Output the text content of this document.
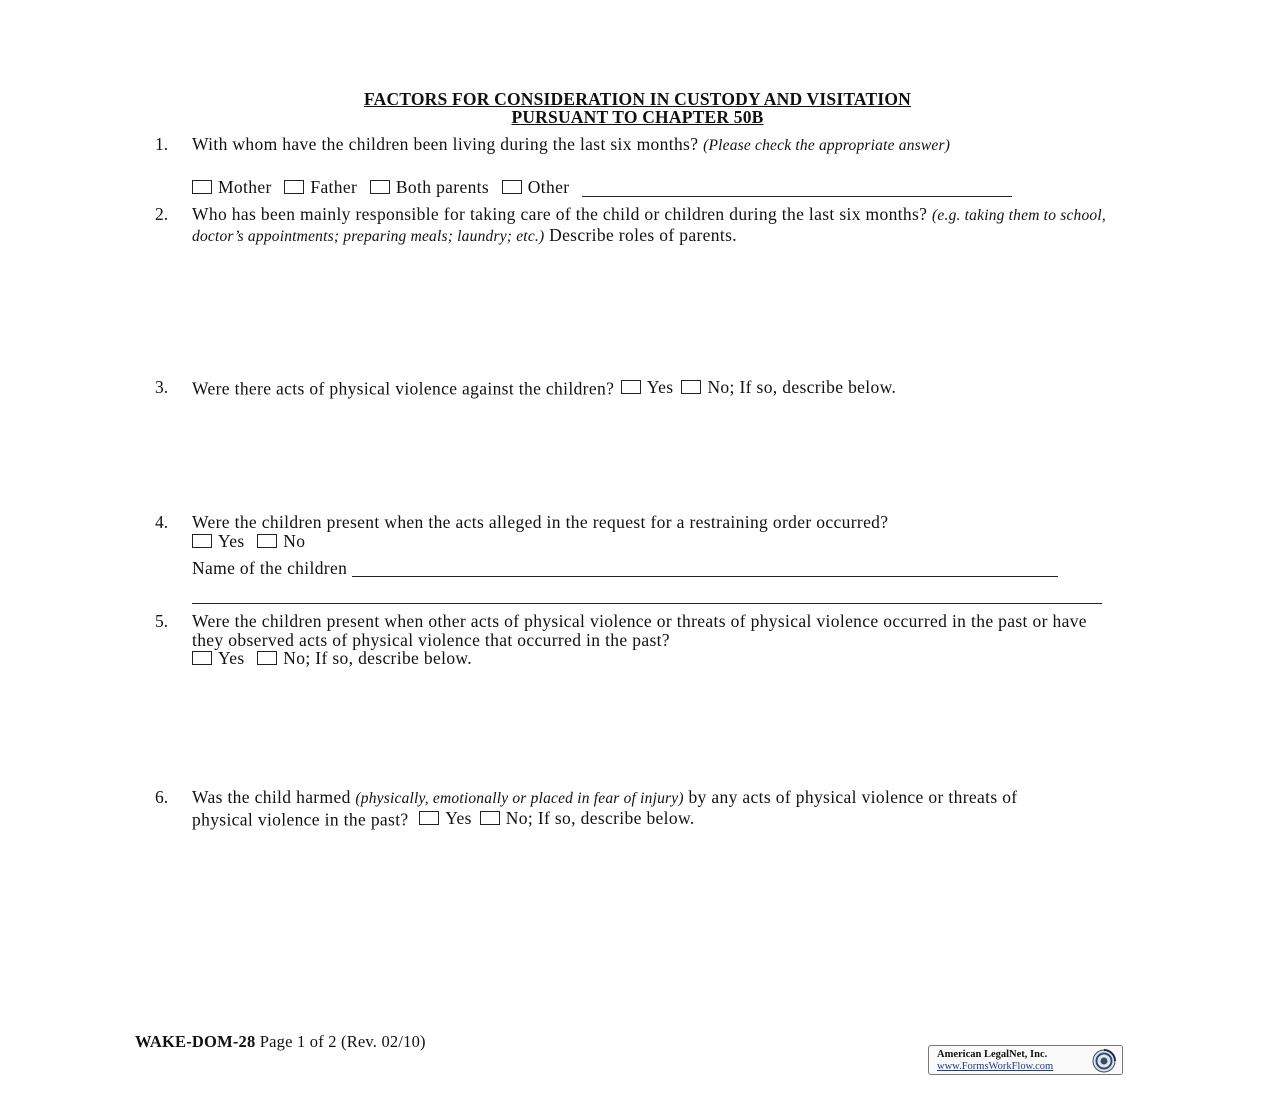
FACTORS FOR CONSIDERATION IN CUSTODY AND VISITATION
PURSUANT TO CHAPTER 50B
1. With whom have the children been living during the last six months? (Please check the appropriate answer)
Mother
Father
Both parents
Other

2. Who has been mainly responsible for taking care of the child or children during the last six months? (e.g. taking them to school, doctor’s appointments; preparing meals; laundry; etc.) Describe roles of parents.
3. Were there acts of physical violence against the children? Yes No; If so, describe below.
4. Were the children present when the acts alleged in the request for a restraining order occurred?
Yes
No
Name of the children
5. Were the children present when other acts of physical violence or threats of physical violence occurred in the past or have they observed acts of physical violence that occurred in the past?
Yes
No; If so, describe below.
6. Was the child harmed (physically, emotionally or placed in fear of injury) by any acts of physical violence or threats of physical violence in the past? Yes No; If so, describe below.
WAKE-DOM-28 Page 1 of 2 (Rev. 02/10)
American LegalNet, Inc.
www.FormsWorkFlow.com
